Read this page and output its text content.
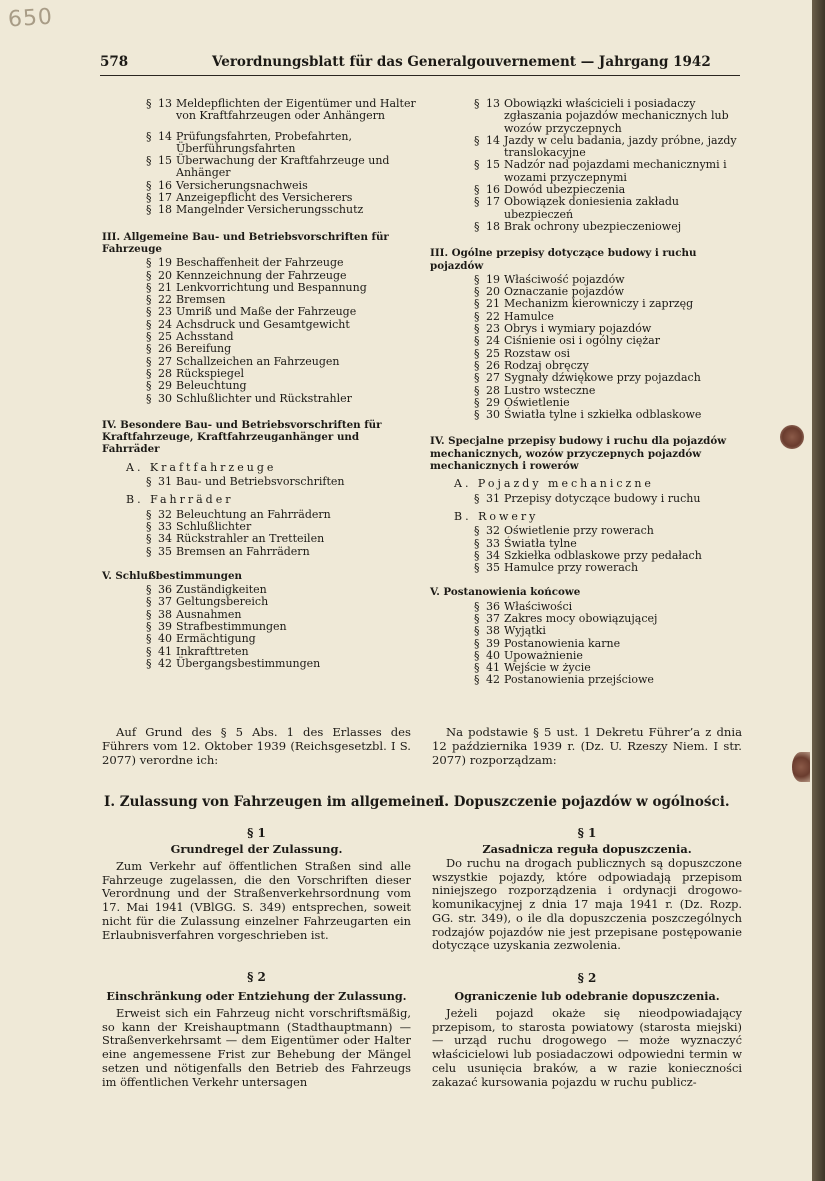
650
578	Verordnungsblatt für das Generalgouvernement — Jahrgang 1942
§ 13 Meldepflichten der Eigentümer und Halter von Kraftfahrzeugen oder Anhängern
§ 14 Prüfungsfahrten, Probefahrten, Überführungsfahrten
§ 15 Überwachung der Kraftfahrzeuge und Anhänger
§ 16 Versicherungsnachweis
§ 17 Anzeigepflicht des Versicherers
§ 18 Mangelnder Versicherungsschutz
III. Allgemeine Bau- und Betriebsvorschriften für Fahrzeuge
§ 19 Beschaffenheit der Fahrzeuge
§ 20 Kennzeichnung der Fahrzeuge
§ 21 Lenkvorrichtung und Bespannung
§ 22 Bremsen
§ 23 Umriß und Maße der Fahrzeuge
§ 24 Achsdruck und Gesamtgewicht
§ 25 Achsstand
§ 26 Bereifung
§ 27 Schallzeichen an Fahrzeugen
§ 28 Rückspiegel
§ 29 Beleuchtung
§ 30 Schlußlichter und Rückstrahler
IV. Besondere Bau- und Betriebsvorschriften für Kraftfahrzeuge, Kraftfahrzeuganhänger und Fahrräder
A. Kraftfahrzeuge
§ 31 Bau- und Betriebsvorschriften
B. Fahrräder
§ 32 Beleuchtung an Fahrrädern
§ 33 Schlußlichter
§ 34 Rückstrahler an Tretteilen
§ 35 Bremsen an Fahrrädern
V. Schlußbestimmungen
§ 36 Zuständigkeiten
§ 37 Geltungsbereich
§ 38 Ausnahmen
§ 39 Strafbestimmungen
§ 40 Ermächtigung
§ 41 Inkrafttreten
§ 42 Übergangsbestimmungen
§ 13 Obowiązki właścicieli i posiadaczy zgłaszania pojazdów mechanicznych lub wozów przyczepnych
§ 14 Jazdy w celu badania, jazdy próbne, jazdy translokacyjne
§ 15 Nadzór nad pojazdami mechanicznymi i wozami przyczepnymi
§ 16 Dowód ubezpieczenia
§ 17 Obowiązek doniesienia zakładu ubezpieczeń
§ 18 Brak ochrony ubezpieczeniowej
III. Ogólne przepisy dotyczące budowy i ruchu pojazdów
§ 19 Właściwość pojazdów
§ 20 Oznaczanie pojazdów
§ 21 Mechanizm kierowniczy i zaprzęg
§ 22 Hamulce
§ 23 Obrys i wymiary pojazdów
§ 24 Ciśnienie osi i ogólny ciężar
§ 25 Rozstaw osi
§ 26 Rodzaj obręczy
§ 27 Sygnały dźwiękowe przy pojazdach
§ 28 Lustro wsteczne
§ 29 Oświetlenie
§ 30 Światła tylne i szkiełka odblaskowe
IV. Specjalne przepisy budowy i ruchu dla pojazdów mechanicznych, wozów przyczepnych pojazdów mechanicznych i rowerów
A. Pojazdy mechaniczne
§ 31 Przepisy dotyczące budowy i ruchu
B. Rowery
§ 32 Oświetlenie przy rowerach
§ 33 Światła tylne
§ 34 Szkiełka odblaskowe przy pedałach
§ 35 Hamulce przy rowerach
V. Postanowienia końcowe
§ 36 Właściwości
§ 37 Zakres mocy obowiązującej
§ 38 Wyjątki
§ 39 Postanowienia karne
§ 40 Upoważnienie
§ 41 Wejście w życie
§ 42 Postanowienia przejściowe
Auf Grund des § 5 Abs. 1 des Erlasses des Führers vom 12. Oktober 1939 (Reichsgesetzbl. I S. 2077) verordne ich:
Na podstawie § 5 ust. 1 Dekretu Führer’a z dnia 12 października 1939 r. (Dz. U. Rzeszy Niem. I str. 2077) rozporządzam:
I. Zulassung von Fahrzeugen im allgemeinen.
I. Dopuszczenie pojazdów w ogólności.
§ 1	§ 1
Grundregel der Zulassung.	Zasadnicza reguła dopuszczenia.
Zum Verkehr auf öffentlichen Straßen sind alle Fahrzeuge zugelassen, die den Vorschriften dieser Verordnung und der Straßenverkehrsordnung vom 17. Mai 1941 (VBlGG. S. 349) entsprechen, soweit nicht für die Zulassung einzelner Fahrzeugarten ein Erlaubnisverfahren vorgeschrieben ist.
Do ruchu na drogach publicznych są dopuszczone wszystkie pojazdy, które odpowiadają przepisom niniejszego rozporządzenia i ordynacji drogowo-komunikacyjnej z dnia 17 maja 1941 r. (Dz. Rozp. GG. str. 349), o ile dla dopuszczenia poszczególnych rodzajów pojazdów nie jest przepisane postępowanie dotyczące uzyskania zezwolenia.
§ 2	§ 2
Einschränkung oder Entziehung der Zulassung.	Ograniczenie lub odebranie dopuszczenia.
Erweist sich ein Fahrzeug nicht vorschriftsmäßig, so kann der Kreishauptmann (Stadthauptmann) — Straßenverkehrsamt — dem Eigentümer oder Halter eine angemessene Frist zur Behebung der Mängel setzen und nötigenfalls den Betrieb des Fahrzeugs im öffentlichen Verkehr untersagen
Jeżeli pojazd okaże się nieodpowiadający przepisom, to starosta powiatowy (starosta miejski) — urząd ruchu drogowego — może wyznaczyć właścicielowi lub posiadaczowi odpowiedni termin w celu usunięcia braków, a w razie konieczności zakazać kursowania pojazdu w ruchu publicz-
